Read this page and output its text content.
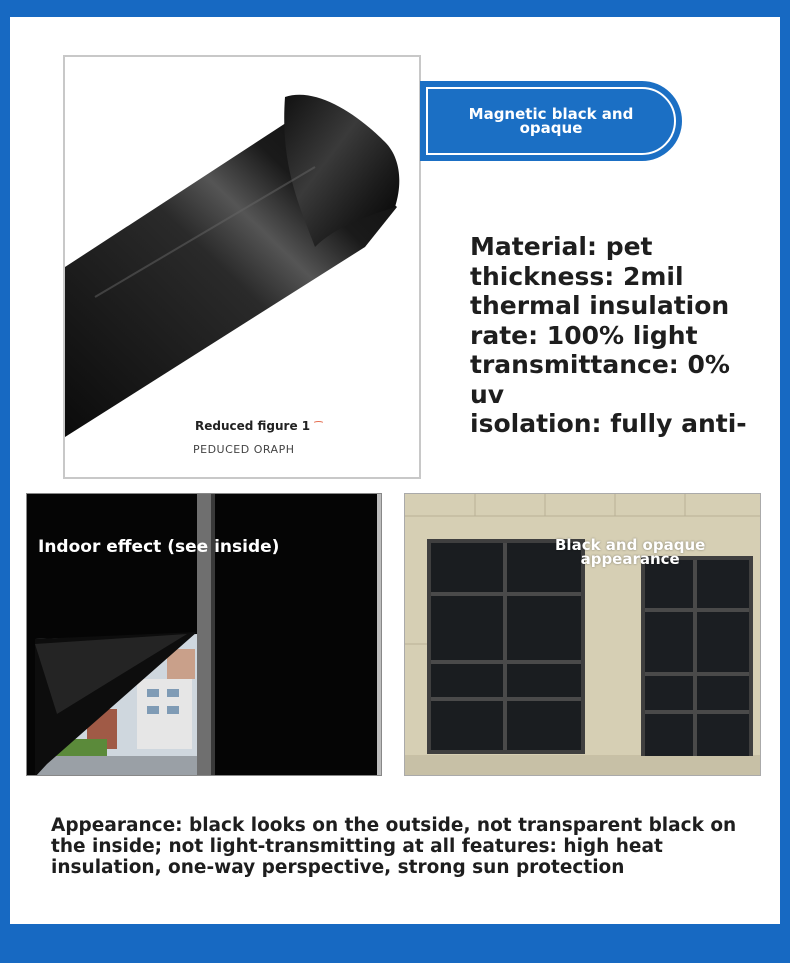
Reduced figure 1 ⁀
PEDUCED ORAPH
Magnetic black and opaque
Material: pet
thickness: 2mil
thermal insulation
rate: 100% light
transmittance: 0% uv
isolation: fully anti-
Indoor effect (see inside)	Black and opaque
appearance
Appearance: black looks on the outside, not transparent black on the inside; not light-transmitting at all features: high heat insulation, one-way perspective, strong sun protection
